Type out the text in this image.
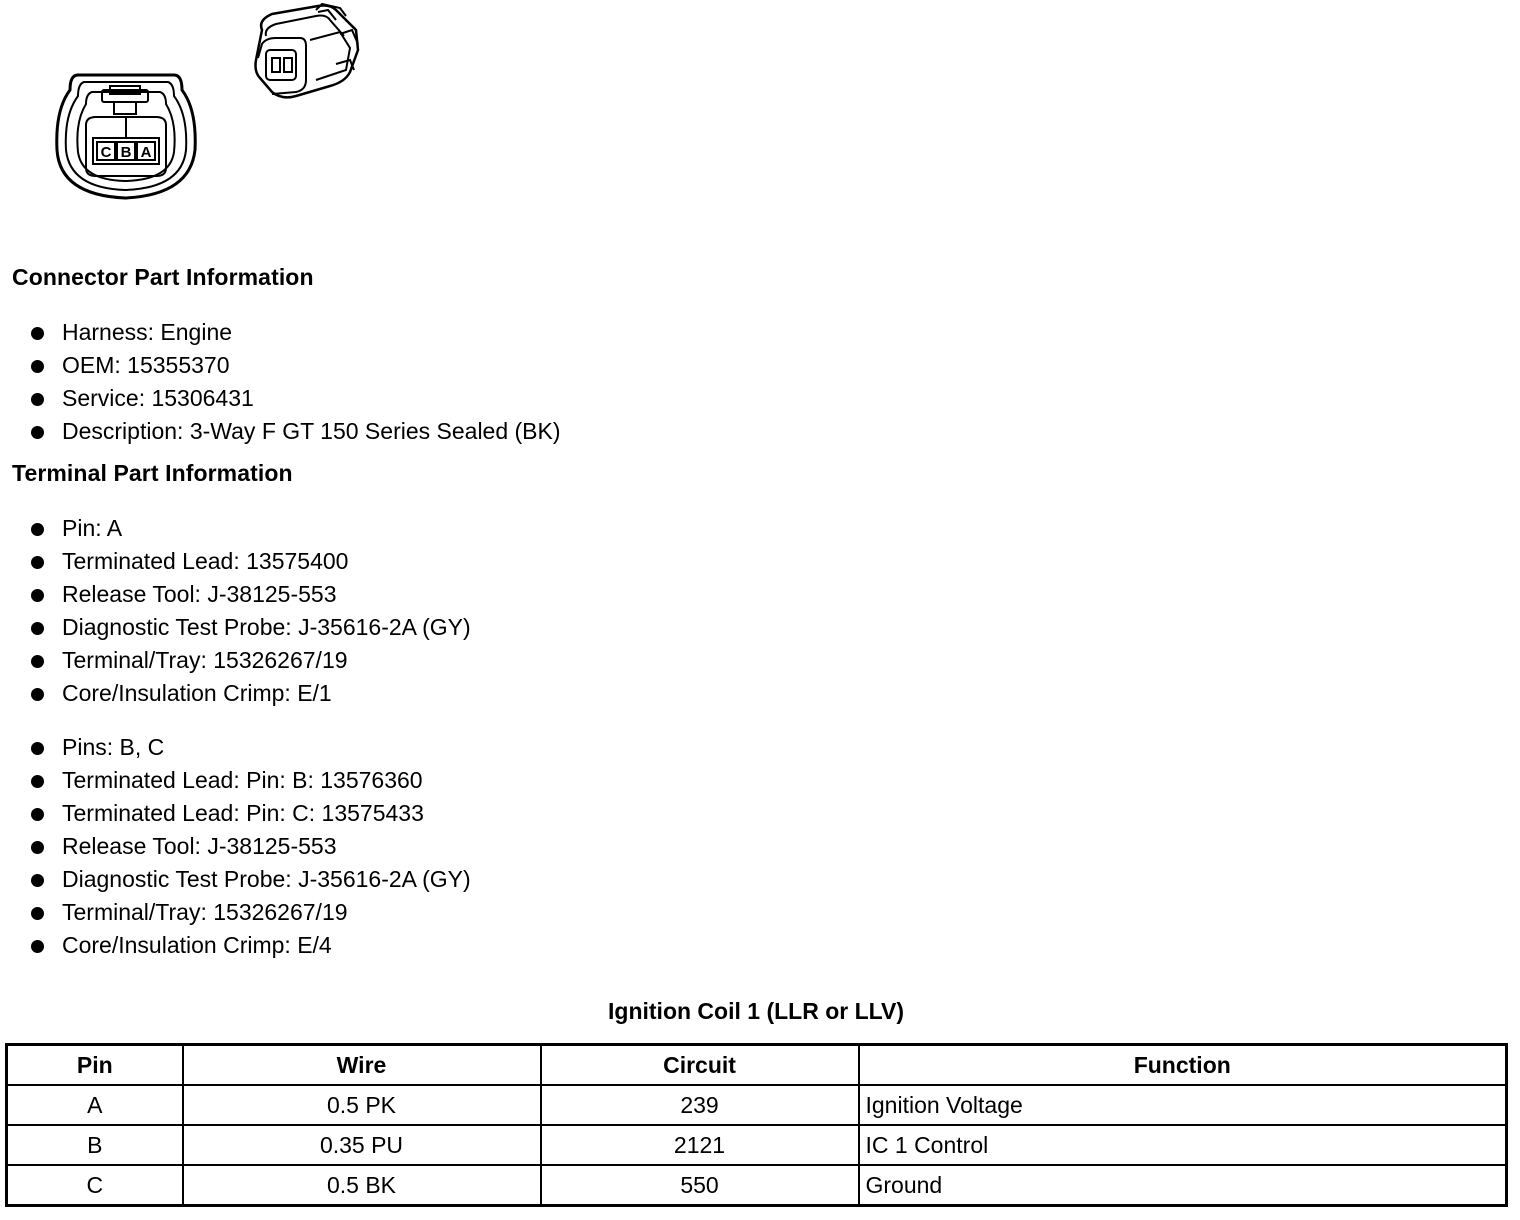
C B A
Connector Part Information
Harness: Engine
OEM: 15355370
Service: 15306431
Description: 3-Way F GT 150 Series Sealed (BK)
Terminal Part Information
Pin: A
Terminated Lead: 13575400
Release Tool: J-38125-553
Diagnostic Test Probe: J-35616-2A (GY)
Terminal/Tray: 15326267/19
Core/Insulation Crimp: E/1
Pins: B, C
Terminated Lead: Pin: B: 13576360
Terminated Lead: Pin: C: 13575433
Release Tool: J-38125-553
Diagnostic Test Probe: J-35616-2A (GY)
Terminal/Tray: 15326267/19
Core/Insulation Crimp: E/4
Ignition Coil 1 (LLR or LLV)
Pin	Wire	Circuit	Function
A	0.5 PK	239	Ignition Voltage
B	0.35 PU	2121	IC 1 Control
C	0.5 BK	550	Ground
